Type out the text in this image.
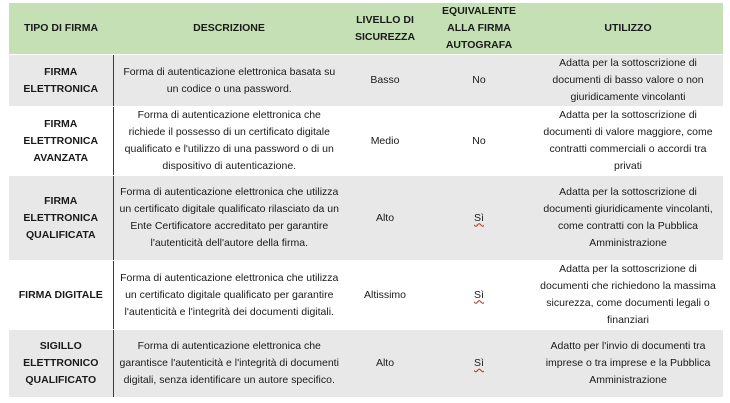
TIPO DI FIRMA	DESCRIZIONE	LIVELLO DI SICUREZZA	EQUIVALENTE ALLA FIRMA AUTOGRAFA	UTILIZZO
FIRMA ELETTRONICA	Forma di autenticazione elettronica basata su un codice o una password.	Basso	No	Adatta per la sottoscrizione di documenti di basso valore o non giuridicamente vincolanti
FIRMA ELETTRONICA AVANZATA	Forma di autenticazione elettronica che richiede il possesso di un certificato digitale qualificato e l'utilizzo di una password o di un dispositivo di autenticazione.	Medio	No	Adatta per la sottoscrizione di documenti di valore maggiore, come contratti commerciali o accordi tra privati
FIRMA ELETTRONICA QUALIFICATA	Forma di autenticazione elettronica che utilizza un certificato digitale qualificato rilasciato da un Ente Certificatore accreditato per garantire l'autenticità dell'autore della firma.	Alto	Sì	Adatta per la sottoscrizione di documenti giuridicamente vincolanti, come contratti con la Pubblica Amministrazione
FIRMA DIGITALE	Forma di autenticazione elettronica che utilizza un certificato digitale qualificato per garantire l'autenticità e l'integrità dei documenti digitali.	Altissimo	Sì	Adatta per la sottoscrizione di documenti che richiedono la massima sicurezza, come documenti legali o finanziari
SIGILLO ELETTRONICO QUALIFICATO	Forma di autenticazione elettronica che garantisce l'autenticità e l'integrità di documenti digitali, senza identificare un autore specifico.	Alto	Sì	Adatto per l'invio di documenti tra imprese o tra imprese e la Pubblica Amministrazione
